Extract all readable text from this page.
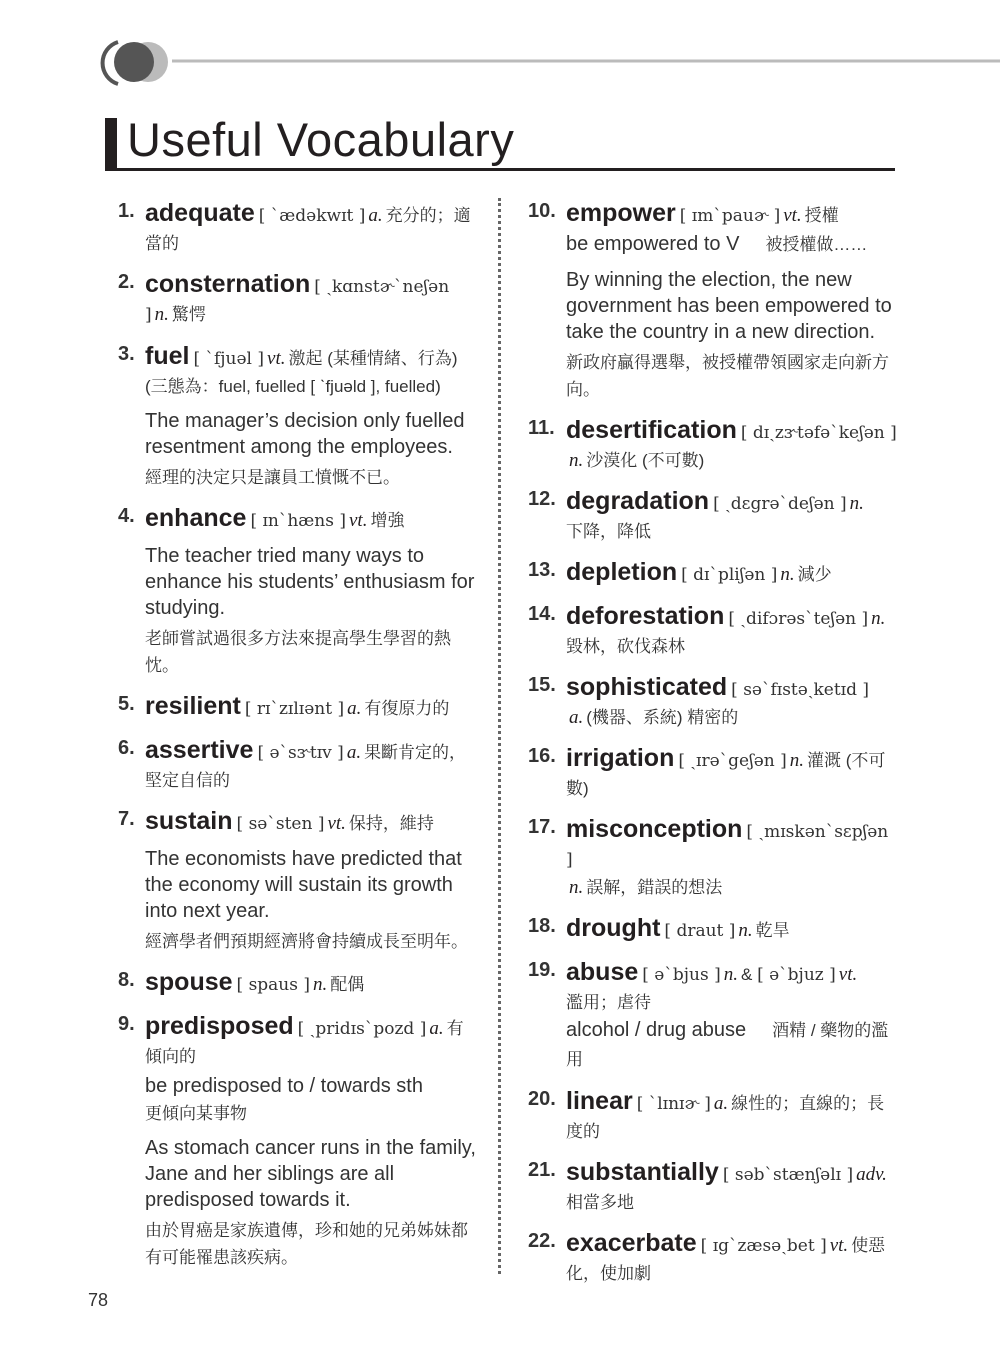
Useful Vocabulary
1. adequate [ ˋædəkwɪt ] a. 充分的；適當的
2. consternation [ ˏkɑnstɚˋneʃən ] n. 驚愕
3. fuel [ ˋfjuəl ] vt. 激起 (某種情緒、行為) (三態為：fuel, fuelled [ ˋfjuəld ], fuelled)
The manager’s decision only fuelled resentment among the employees.
經理的決定只是讓員工憤慨不已。
4. enhance [ ɪnˋhæns ] vt. 增強
The teacher tried many ways to enhance his students’ enthusiasm for studying.
老師嘗試過很多方法來提高學生學習的熱忱。
5. resilient [ rɪˋzɪlɪənt ] a. 有復原力的
6. assertive [ əˋsɝtɪv ] a. 果斷肯定的，堅定自信的
7. sustain [ səˋsten ] vt. 保持，維持
The economists have predicted that the economy will sustain its growth into next year.
經濟學者們預期經濟將會持續成長至明年。
8. spouse [ spaus ] n. 配偶
9. predisposed [ ˏpridɪsˋpozd ] a. 有傾向的
be predisposed to / towards sth
更傾向某事物
As stomach cancer runs in the family, Jane and her siblings are all predisposed towards it.
由於胃癌是家族遺傳，珍和她的兄弟姊妹都有可能罹患該疾病。
10. empower [ ɪmˋpauɚ ] vt. 授權
be empowered to V 被授權做……
By winning the election, the new government has been empowered to take the country in a new direction.
新政府贏得選舉，被授權帶領國家走向新方向。
11. desertification [ dɪˏzɝtəfəˋkeʃən ]
n. 沙漠化 (不可數)
12. degradation [ ˏdɛgrəˋdeʃən ] n.
下降，降低
13. depletion [ dɪˋpliʃən ] n. 減少
14. deforestation [ ˏdifɔrəsˋteʃən ] n.
毀林，砍伐森林
15. sophisticated [ səˋfɪstəˏketɪd ]
a. (機器、系統) 精密的
16. irrigation [ ˏɪrəˋgeʃən ] n. 灌溉 (不可數)
17. misconception [ ˏmɪskənˋsɛpʃən ]
n. 誤解，錯誤的想法
18. drought [ draut ] n. 乾旱
19. abuse [ əˋbjus ] n. & [ əˋbjuz ] vt.
濫用；虐待
alcohol / drug abuse 酒精 / 藥物的濫用
20. linear [ ˋlɪnɪɚ ] a. 線性的；直線的；長度的
21. substantially [ səbˋstænʃəlɪ ] adv.
相當多地
22. exacerbate [ ɪgˋzæsəˏbet ] vt. 使惡化，使加劇
78
